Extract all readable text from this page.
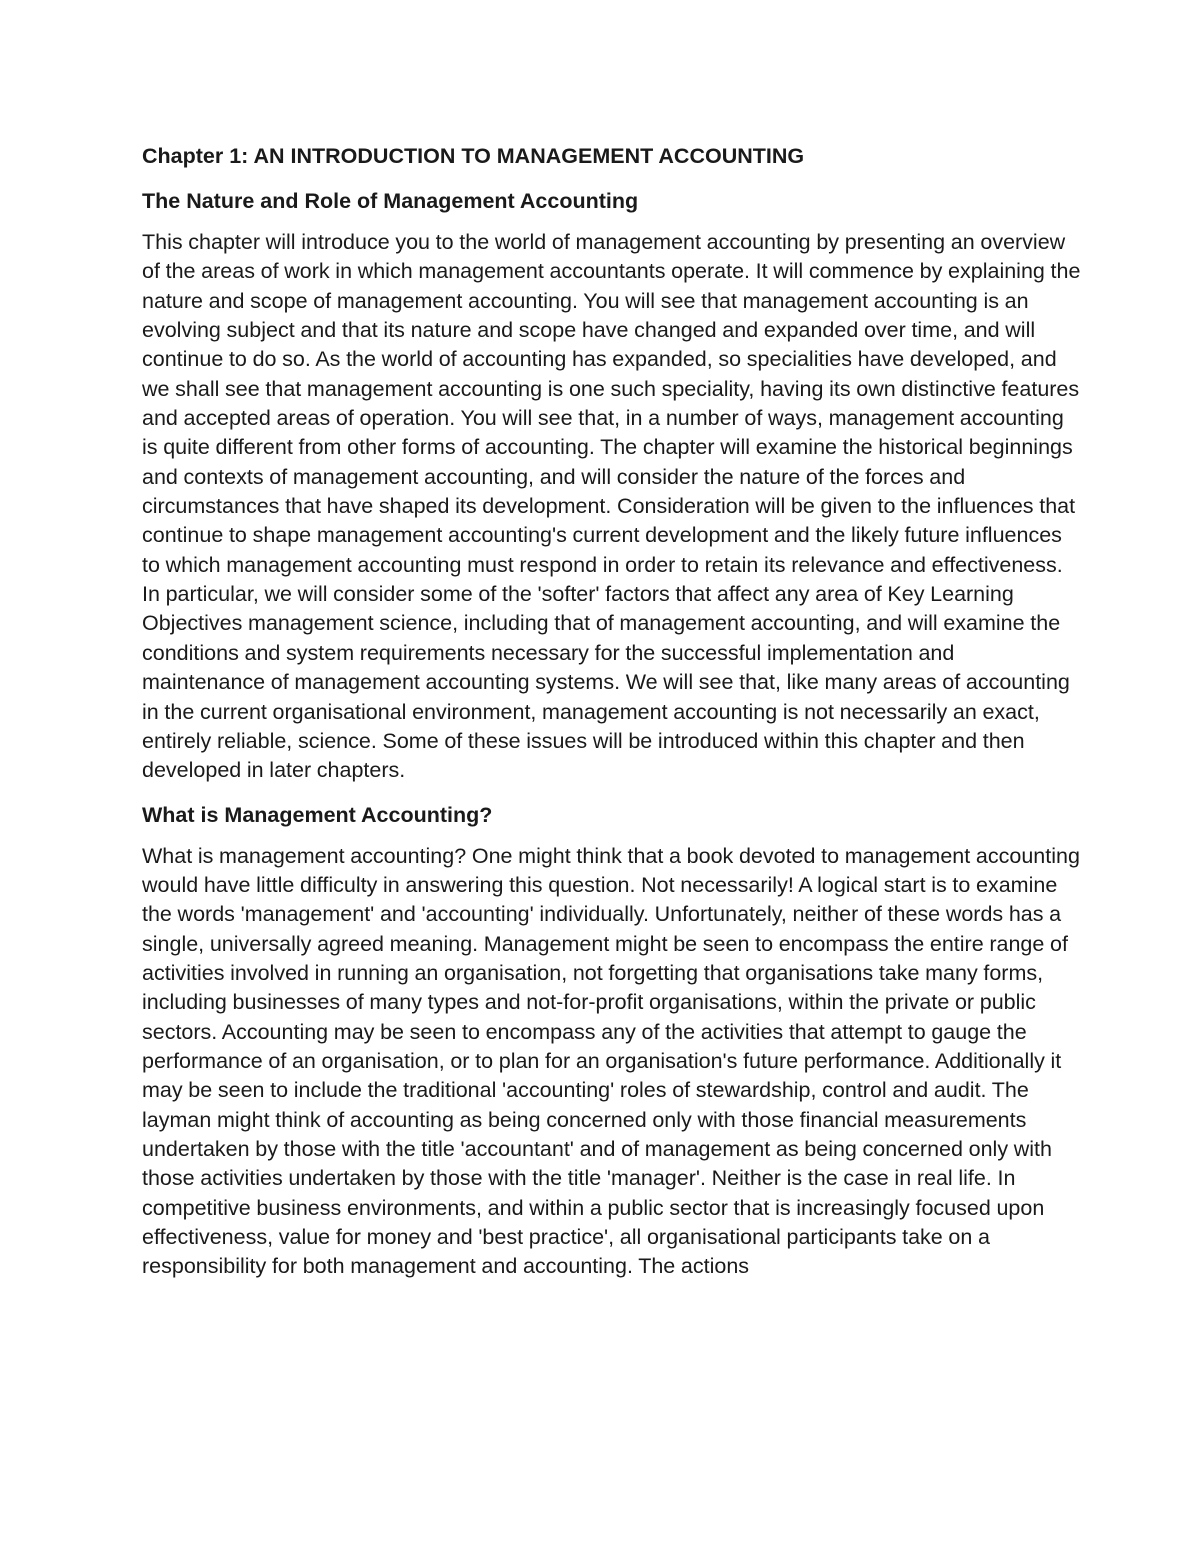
Chapter 1: AN INTRODUCTION TO MANAGEMENT ACCOUNTING
The Nature and Role of Management Accounting

This chapter will introduce you to the world of management accounting by presenting an overview of the areas of work in which management accountants operate. It will commence by explaining the nature and scope of management accounting. You will see that management accounting is an evolving subject and that its nature and scope have changed and expanded over time, and will continue to do so. As the world of accounting has expanded, so specialities have developed, and we shall see that management accounting is one such speciality, having its own distinctive features and accepted areas of operation. You will see that, in a number of ways, management accounting is quite different from other forms of accounting. The chapter will examine the historical beginnings and contexts of management accounting, and will consider the nature of the forces and circumstances that have shaped its development. Consideration will be given to the influences that continue to shape management accounting's current development and the likely future influences to which management accounting must respond in order to retain its relevance and effectiveness. In particular, we will consider some of the 'softer' factors that affect any area of Key Learning Objectives management science, including that of management accounting, and will examine the conditions and system requirements necessary for the successful implementation and maintenance of management accounting systems. We will see that, like many areas of accounting in the current organisational environment, management accounting is not necessarily an exact, entirely reliable, science. Some of these issues will be introduced within this chapter and then developed in later chapters.

What is Management Accounting?

What is management accounting? One might think that a book devoted to management accounting would have little difficulty in answering this question. Not necessarily! A logical start is to examine the words 'management' and 'accounting' individually. Unfortunately, neither of these words has a single, universally agreed meaning. Management might be seen to encompass the entire range of activities involved in running an organisation, not forgetting that organisations take many forms, including businesses of many types and not-for-profit organisations, within the private or public sectors. Accounting may be seen to encompass any of the activities that attempt to gauge the performance of an organisation, or to plan for an organisation's future performance. Additionally it may be seen to include the traditional 'accounting' roles of stewardship, control and audit. The layman might think of accounting as being concerned only with those financial measurements undertaken by those with the title 'accountant' and of management as being concerned only with those activities undertaken by those with the title 'manager'. Neither is the case in real life. In competitive business environments, and within a public sector that is increasingly focused upon effectiveness, value for money and 'best practice', all organisational participants take on a responsibility for both management and accounting. The actions
